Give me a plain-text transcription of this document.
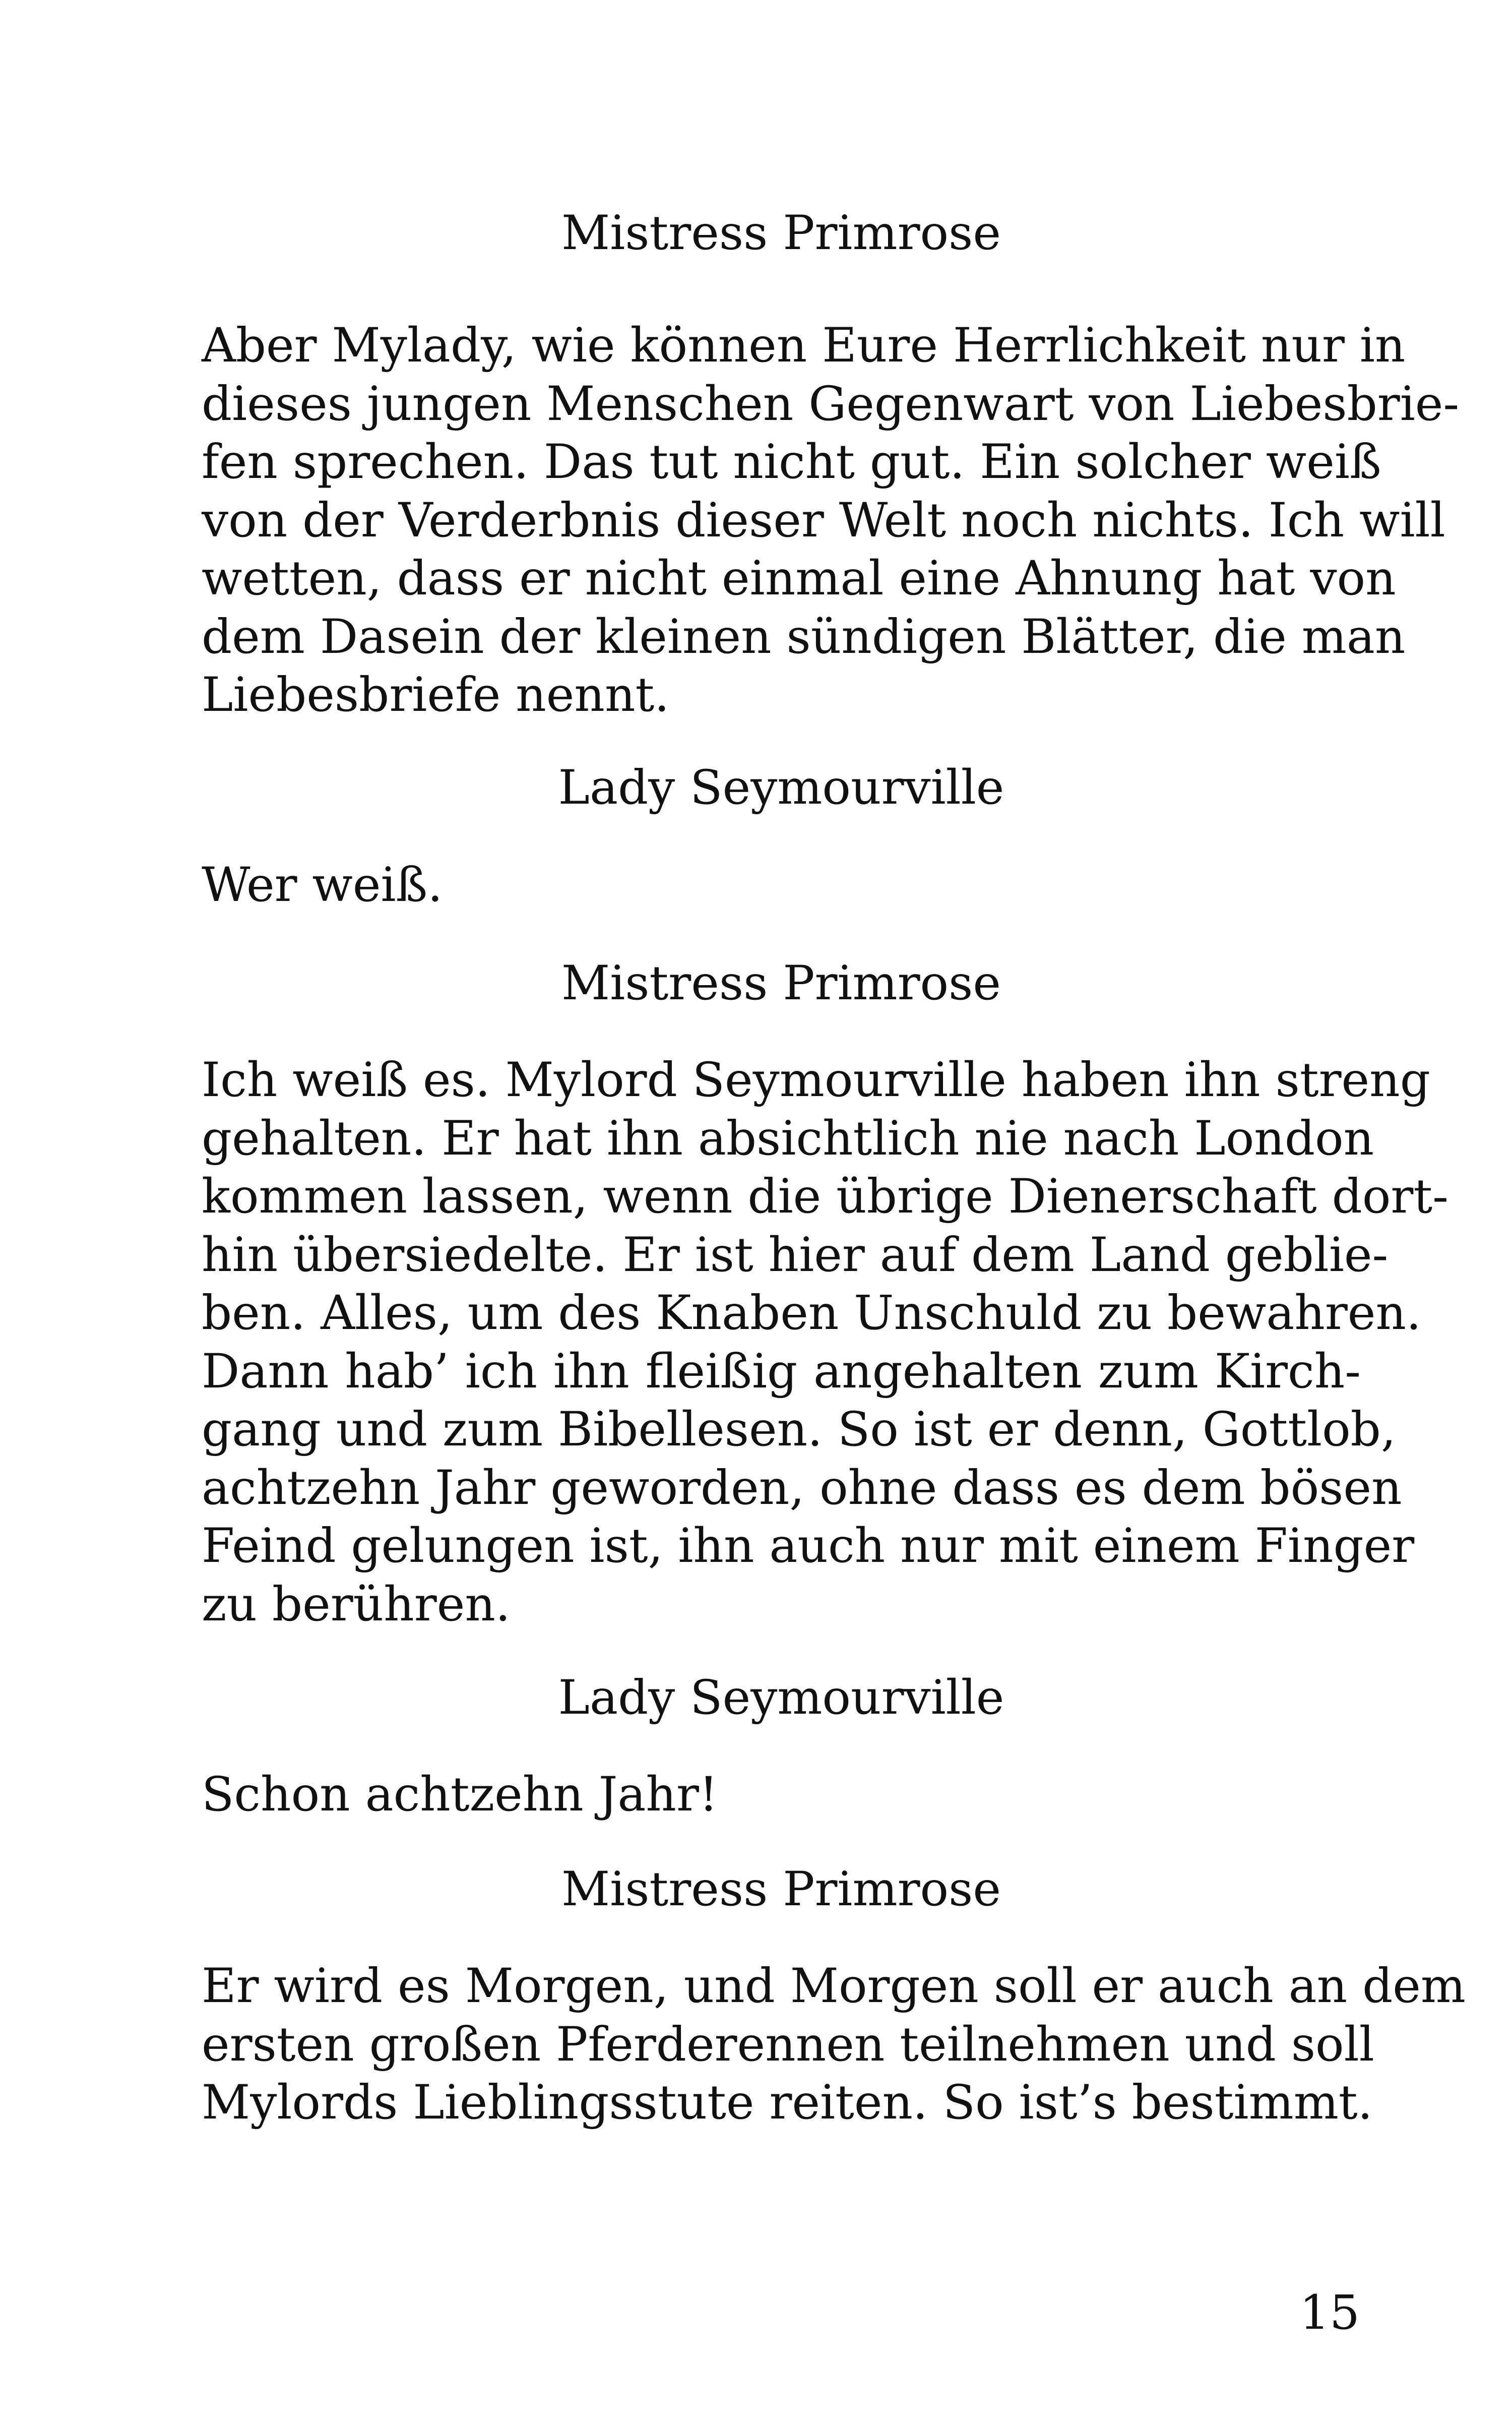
Mistress Primrose
Aber Mylady, wie können Eure Herrlichkeit nur in
dieses jungen Menschen Gegenwart von Liebesbrie-
fen sprechen. Das tut nicht gut. Ein solcher weiß
von der Verderbnis dieser Welt noch nichts. Ich will
wetten, dass er nicht einmal eine Ahnung hat von
dem Dasein der kleinen sündigen Blätter, die man
Liebesbriefe nennt.
Lady Seymourville
Wer weiß.
Mistress Primrose
Ich weiß es. Mylord Seymourville haben ihn streng
gehalten. Er hat ihn absichtlich nie nach London
kommen lassen, wenn die übrige Dienerschaft dort-
hin übersiedelte. Er ist hier auf dem Land geblie-
ben. Alles, um des Knaben Unschuld zu bewahren.
Dann hab’ ich ihn fleißig angehalten zum Kirch-
gang und zum Bibellesen. So ist er denn, Gottlob,
achtzehn Jahr geworden, ohne dass es dem bösen
Feind gelungen ist, ihn auch nur mit einem Finger
zu berühren.
Lady Seymourville
Schon achtzehn Jahr!
Mistress Primrose
Er wird es Morgen, und Morgen soll er auch an dem
ersten großen Pferderennen teilnehmen und soll
Mylords Lieblingsstute reiten. So ist’s bestimmt.
15
